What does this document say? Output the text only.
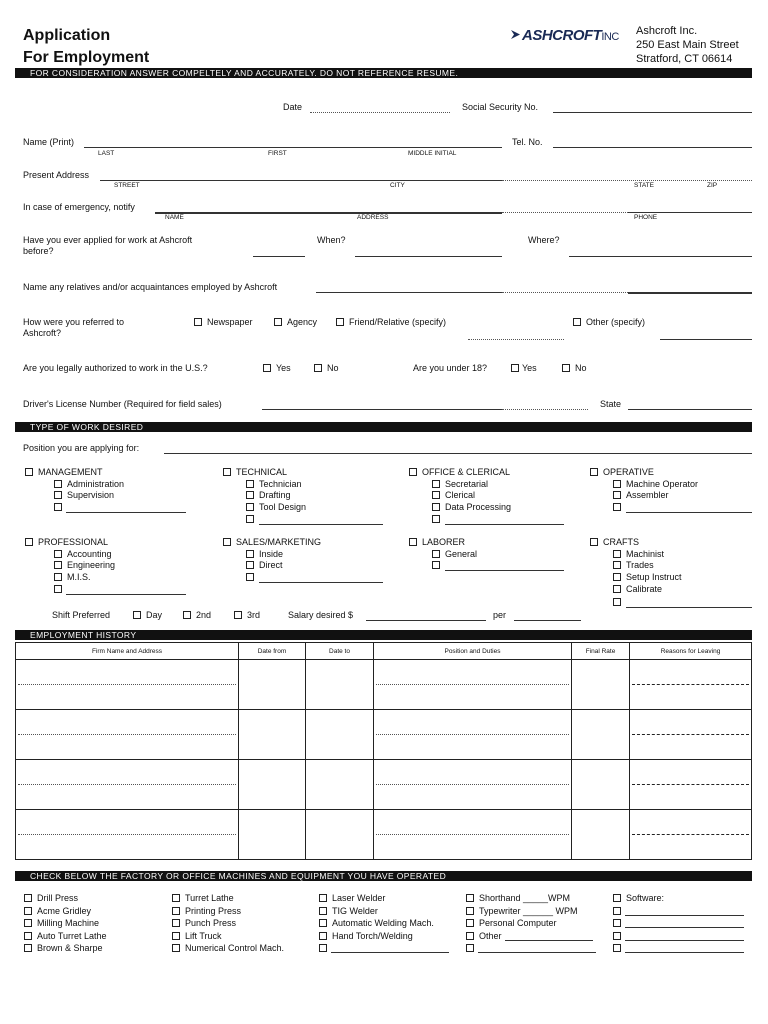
Application
For Employment
ASHCROFTINC Ashcroft Inc.
250 East Main Street
Stratford, CT 06614
FOR CONSIDERATION ANSWER COMPELTELY AND ACCURATELY. DO NOT REFERENCE RESUME.
Date	Social Security No.
Name (Print)
LAST	FIRST	MIDDLE INITIAL
Tel. No.
Present Address
STREET	CITY	STATE	ZIP
In case of emergency, notify
NAME	ADDRESS	PHONE
Have you ever applied for work at Ashcroft
before?
When?	Where?
Name any relatives and/or acquaintances employed by Ashcroft
How were you referred to
Ashcroft?
Newspaper	Agency	Friend/Relative (specify)	Other (specify)
Are you legally authorized to work in the U.S.?	Yes	No	Are you under 18?	Yes	No
Driver's License Number (Required for field sales)	State
TYPE OF WORK DESIRED
Position you are applying for:
MANAGEMENT
Administration
Supervision
TECHNICAL
Technician
Drafting
Tool Design
OFFICE & CLERICAL
Secretarial
Clerical
Data Processing
OPERATIVE
Machine Operator
Assembler
PROFESSIONAL
Accounting
Engineering
M.I.S.
SALES/MARKETING
Inside
Direct
LABORER
General
CRAFTS
Machinist
Trades
Setup Instruct
Calibrate
Shift Preferred	Day	2nd	3rd	Salary desired $	per
EMPLOYMENT HISTORY
Firm Name and Address	Date from	Date to	Position and Duties	Final Rate	Reasons for Leaving

CHECK BELOW THE FACTORY OR OFFICE MACHINES AND EQUIPMENT YOU HAVE OPERATED
Drill Press
Acme Gridley
Milling Machine
Auto Turret Lathe
Brown & Sharpe
Turret Lathe
Printing Press
Punch Press
Lift Truck
Numerical Control Mach.
Laser Welder
TIG Welder
Automatic Welding Mach.
Hand Torch/Welding
Shorthand _____WPM
Typewriter ______ WPM
Personal Computer
Other
Software:
